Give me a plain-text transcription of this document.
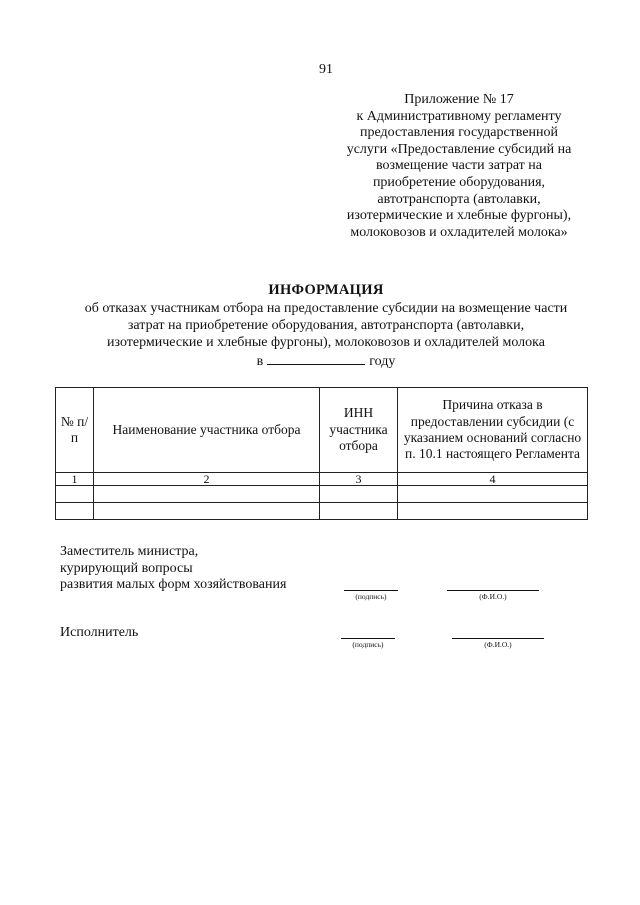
91
Приложение № 17
к Административному регламенту
предоставления государственной
услуги «Предоставление субсидий на
возмещение части затрат на
приобретение оборудования,
автотранспорта (автолавки,
изотермические и хлебные фургоны),
молоковозов и охладителей молока»
ИНФОРМАЦИЯ
об отказах участникам отбора на предоставление субсидии на возмещение части
затрат на приобретение оборудования, автотранспорта (автолавки,
изотермические и хлебные фургоны), молоковозов и охладителей молока
в	году
№ п/п	Наименование участника отбора	ИНН участника отбора	Причина отказа в предоставлении субсидии (с указанием оснований согласно п. 10.1 настоящего Регламента
1	2	3	4

Заместитель министра,
курирующий вопросы
развития малых форм хозяйствования
(подпись)	(Ф.И.О.)
Исполнитель
(подпись)	(Ф.И.О.)
